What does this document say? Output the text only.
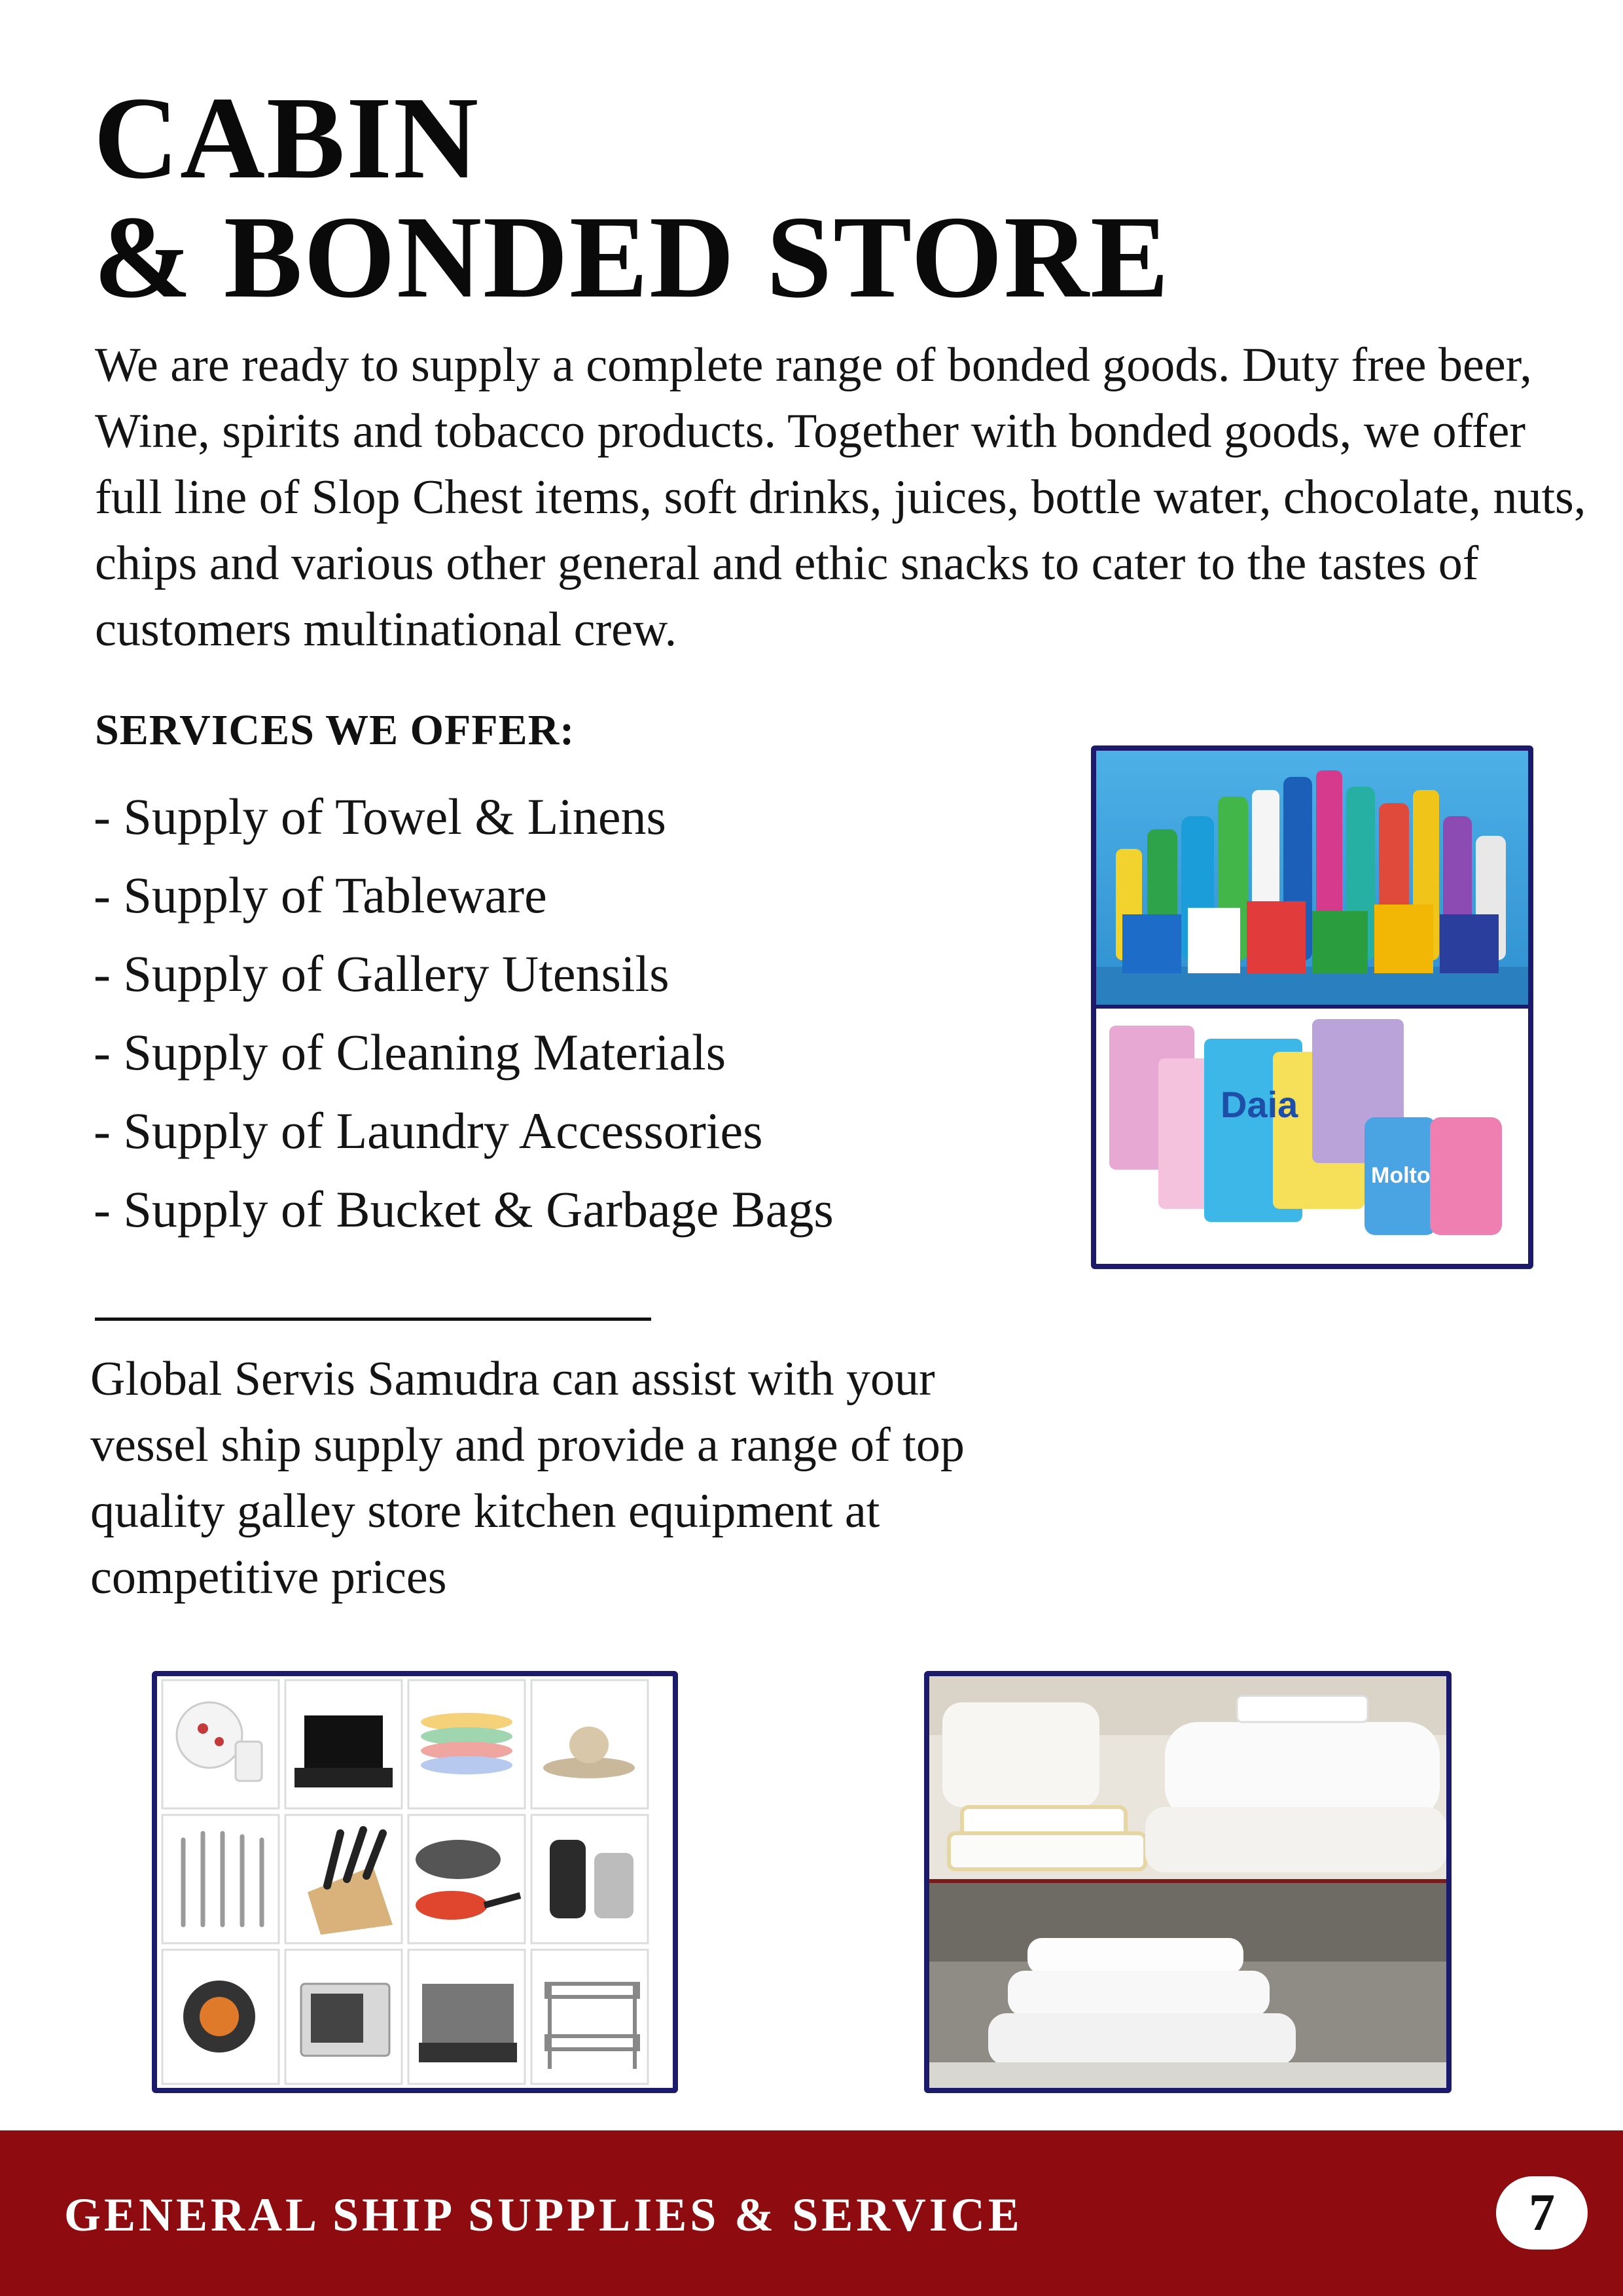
CABIN
& BONDED STORE
We are ready to supply a complete range of bonded goods. Duty free beer, Wine, spirits and tobacco products. Together with bonded goods, we offer full line of Slop Chest items, soft drinks, juices, bottle water, chocolate, nuts, chips and various other general and ethic snacks to cater to the tastes of customers multinational crew.
SERVICES WE OFFER:
- Supply of Towel & Linens
- Supply of Tableware
- Supply of Gallery Utensils
- Supply of Cleaning Materials
- Supply of Laundry Accessories
- Supply of Bucket & Garbage Bags
Daia
Molto
Global Servis Samudra can assist with your vessel ship supply and provide a range of top quality galley store kitchen equipment at competitive prices
GENERAL SHIP SUPPLIES & SERVICE	7
